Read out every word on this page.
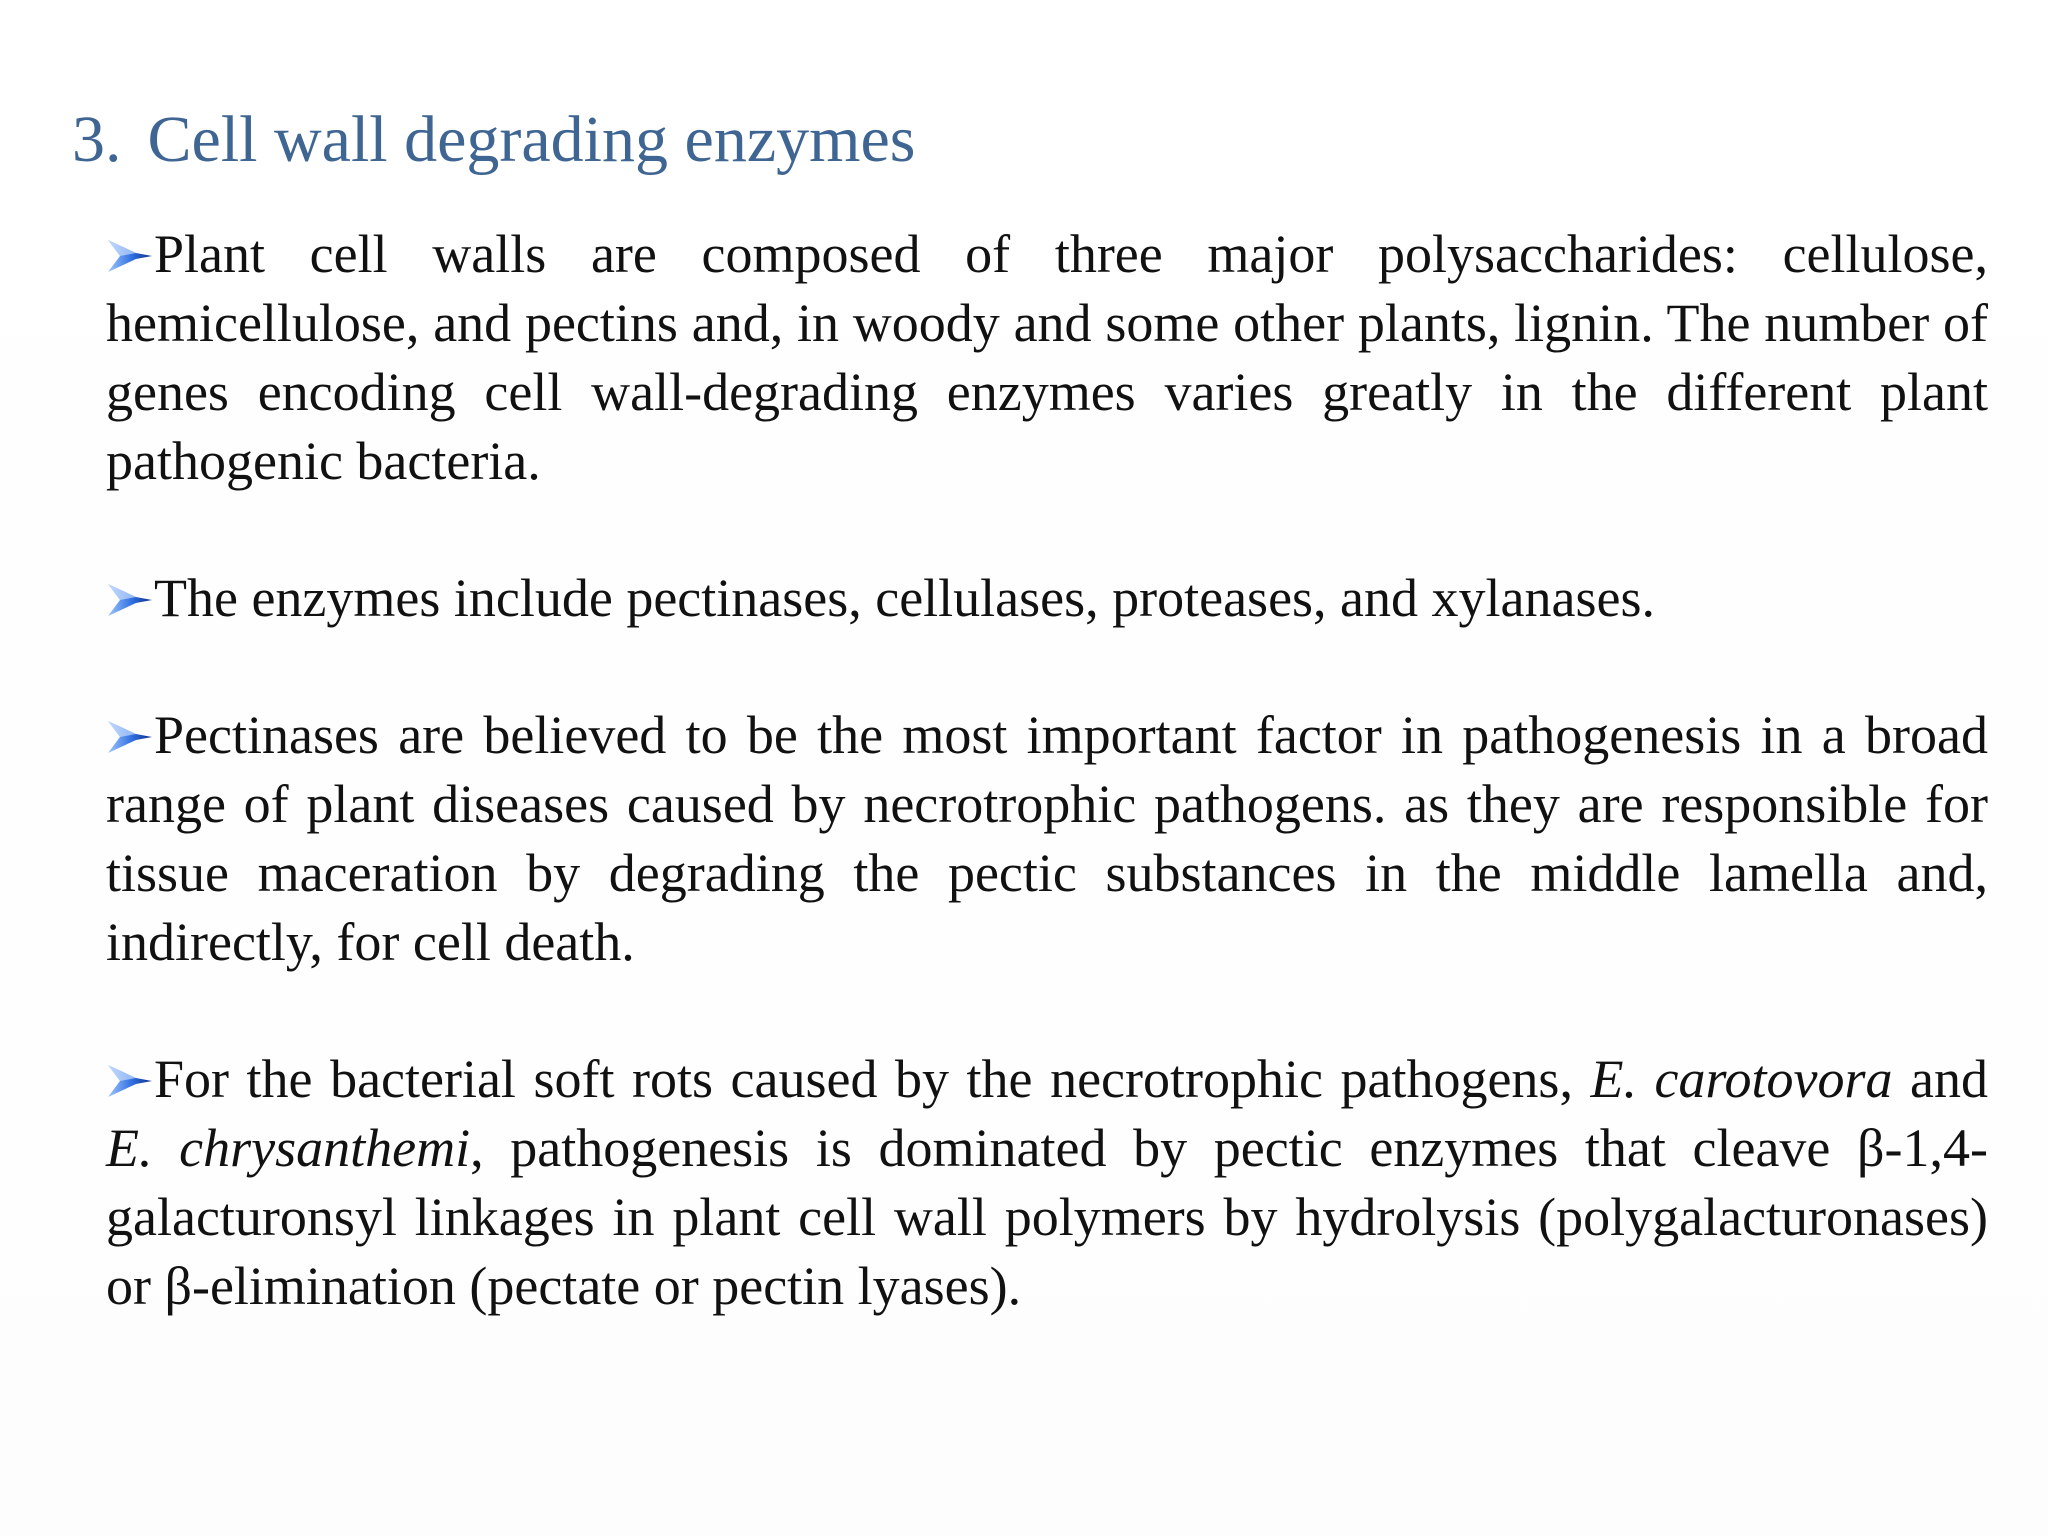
3. Cell wall degrading enzymes

Plant cell walls are composed of three major polysaccharides: cellulose, hemicellulose, and pectins and, in woody and some other plants, lignin. The number of genes encoding cell wall-degrading enzymes varies greatly in the different plant pathogenic bacteria.

The enzymes include pectinases, cellulases, proteases, and xylanases.

Pectinases are believed to be the most important factor in pathogenesis in a broad range of plant diseases caused by necrotrophic pathogens. as they are responsible for tissue maceration by degrading the pectic substances in the middle lamella and, indirectly, for cell death.

For the bacterial soft rots caused by the necrotrophic pathogens, E. carotovora and E. chrysanthemi, pathogenesis is dominated by pectic enzymes that cleave β-1,4-galacturonsyl linkages in plant cell wall polymers by hydrolysis (polygalacturonases) or β-elimination (pectate or pectin lyases).
